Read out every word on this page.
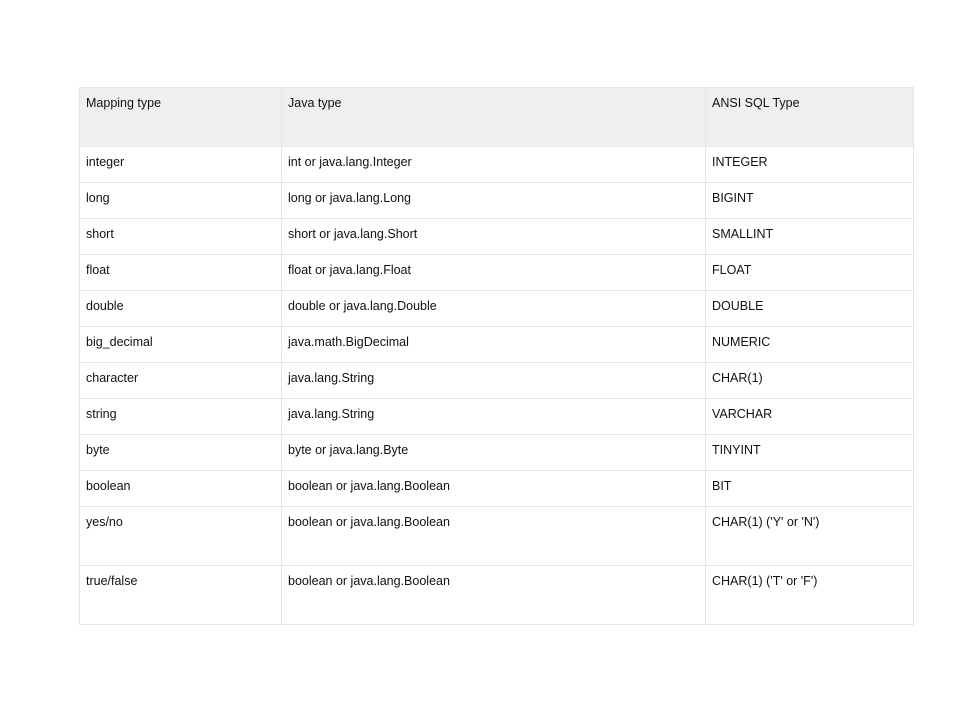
Mapping type	Java type	ANSI SQL Type
integer	int or java.lang.Integer	INTEGER
long	long or java.lang.Long	BIGINT
short	short or java.lang.Short	SMALLINT
float	float or java.lang.Float	FLOAT
double	double or java.lang.Double	DOUBLE
big_decimal	java.math.BigDecimal	NUMERIC
character	java.lang.String	CHAR(1)
string	java.lang.String	VARCHAR
byte	byte or java.lang.Byte	TINYINT
boolean	boolean or java.lang.Boolean	BIT
yes/no	boolean or java.lang.Boolean	CHAR(1) ('Y' or 'N')
true/false	boolean or java.lang.Boolean	CHAR(1) ('T' or 'F')
